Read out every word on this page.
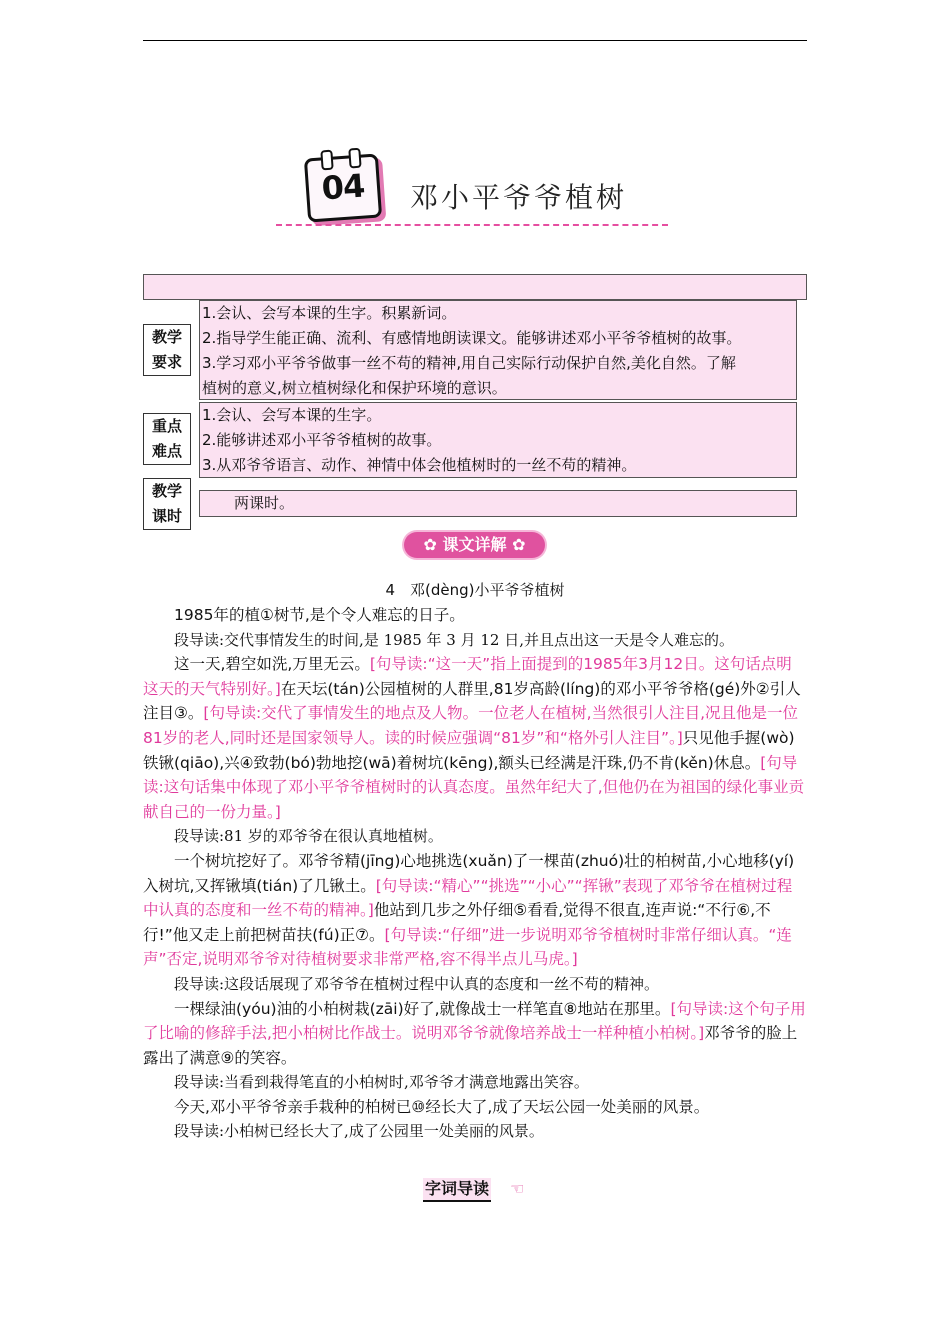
04	邓小平爷爷植树
教学
要求
1.会认、会写本课的生字。积累新词。
2.指导学生能正确、流利、有感情地朗读课文。能够讲述邓小平爷爷植树的故事。
3.学习邓小平爷爷做事一丝不苟的精神,用自己实际行动保护自然,美化自然。了解
植树的意义,树立植树绿化和保护环境的意识。
重点
难点
1.会认、会写本课的生字。
2.能够讲述邓小平爷爷植树的故事。
3.从邓爷爷语言、动作、神情中体会他植树时的一丝不苟的精神。
教学
课时
两课时。
✿ 课文详解 ✿
4　邓(dèng)小平爷爷植树
1985年的植①树节,是个令人难忘的日子。
段导读:交代事情发生的时间,是 1985 年 3 月 12 日,并且点出这一天是令人难忘的。
这一天,碧空如洗,万里无云。[句导读:“这一天”指上面提到的1985年3月12日。这句话点明这天的天气特别好。]在天坛(tán)公园植树的人群里,81岁高龄(líng)的邓小平爷爷格(gé)外②引人注目③。[句导读:交代了事情发生的地点及人物。一位老人在植树,当然很引人注目,况且他是一位81岁的老人,同时还是国家领导人。读的时候应强调“81岁”和“格外引人注目”。]只见他手握(wò)铁锹(qiāo),兴④致勃(bó)勃地挖(wā)着树坑(kēng),额头已经满是汗珠,仍不肯(kěn)休息。[句导读:这句话集中体现了邓小平爷爷植树时的认真态度。虽然年纪大了,但他仍在为祖国的绿化事业贡献自己的一份力量。]
段导读:81 岁的邓爷爷在很认真地植树。
一个树坑挖好了。邓爷爷精(jīng)心地挑选(xuǎn)了一棵苗(zhuó)壮的柏树苗,小心地移(yí)入树坑,又挥锹填(tián)了几锹土。[句导读:“精心”“挑选”“小心”“挥锹”表现了邓爷爷在植树过程中认真的态度和一丝不苟的精神。]他站到几步之外仔细⑤看看,觉得不很直,连声说:“不行⑥,不行!”他又走上前把树苗扶(fú)正⑦。[句导读:“仔细”进一步说明邓爷爷植树时非常仔细认真。“连声”否定,说明邓爷爷对待植树要求非常严格,容不得半点儿马虎。]
段导读:这段话展现了邓爷爷在植树过程中认真的态度和一丝不苟的精神。
一棵绿油(yóu)油的小柏树栽(zāi)好了,就像战士一样笔直⑧地站在那里。[句导读:这个句子用了比喻的修辞手法,把小柏树比作战士。说明邓爷爷就像培养战士一样种植小柏树。]邓爷爷的脸上露出了满意⑨的笑容。
段导读:当看到栽得笔直的小柏树时,邓爷爷才满意地露出笑容。
今天,邓小平爷爷亲手栽种的柏树已⑩经长大了,成了天坛公园一处美丽的风景。
段导读:小柏树已经长大了,成了公园里一处美丽的风景。
字词导读 ☜
